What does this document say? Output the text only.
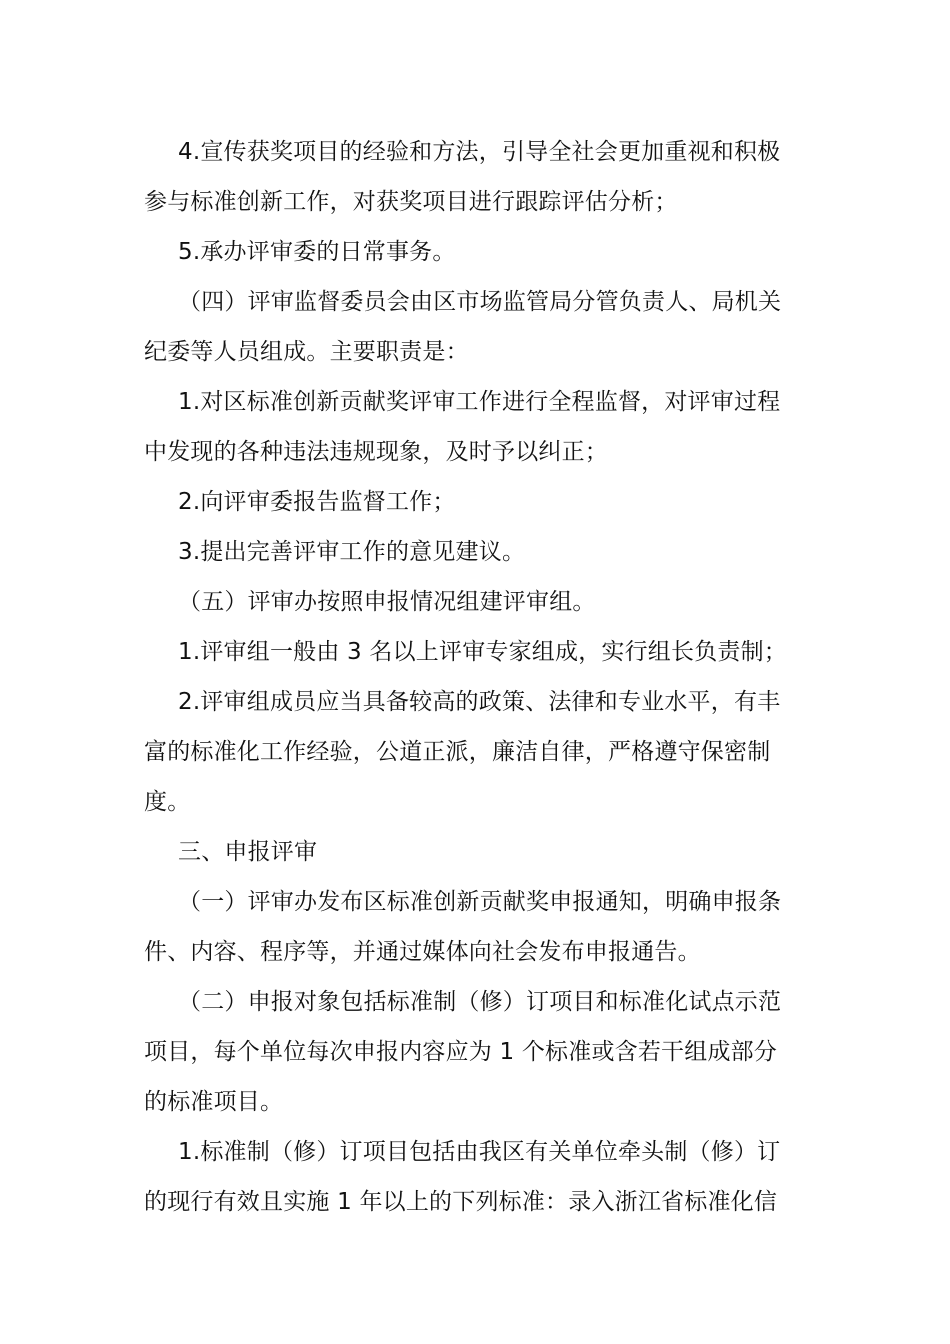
4.宣传获奖项目的经验和方法，引导全社会更加重视和积极
参与标准创新工作，对获奖项目进行跟踪评估分析；
5.承办评审委的日常事务。
（四）评审监督委员会由区市场监管局分管负责人、局机关
纪委等人员组成。主要职责是：
1.对区标准创新贡献奖评审工作进行全程监督，对评审过程
中发现的各种违法违规现象，及时予以纠正；
2.向评审委报告监督工作；
3.提出完善评审工作的意见建议。
（五）评审办按照申报情况组建评审组。
1.评审组一般由 3 名以上评审专家组成，实行组长负责制；
2.评审组成员应当具备较高的政策、法律和专业水平，有丰
富的标准化工作经验，公道正派，廉洁自律，严格遵守保密制
度。
三、申报评审
（一）评审办发布区标准创新贡献奖申报通知，明确申报条
件、内容、程序等，并通过媒体向社会发布申报通告。
（二）申报对象包括标准制（修）订项目和标准化试点示范
项目，每个单位每次申报内容应为 1 个标准或含若干组成部分
的标准项目。
1.标准制（修）订项目包括由我区有关单位牵头制（修）订
的现行有效且实施 1 年以上的下列标准：录入浙江省标准化信
